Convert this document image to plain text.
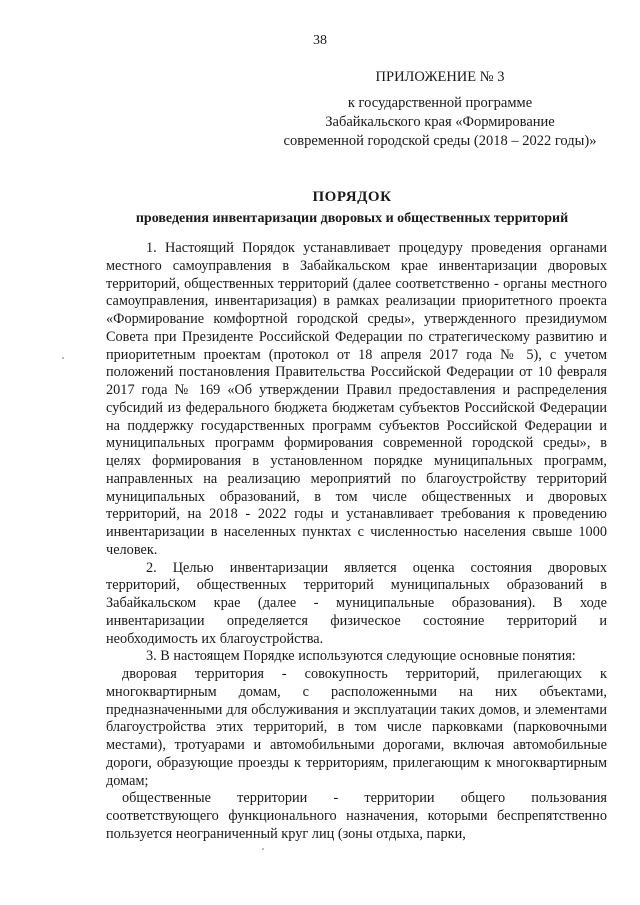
38
ПРИЛОЖЕНИЕ № 3
к государственной программе
Забайкальского края «Формирование
современной городской среды (2018 – 2022 годы)»
ПОРЯДОК
проведения инвентаризации дворовых и общественных территорий

1. Настоящий Порядок устанавливает процедуру проведения органами местного самоуправления в Забайкальском крае инвентаризации дворовых территорий, общественных территорий (далее соответственно - органы местного самоуправления, инвентаризация) в рамках реализации приоритетного проекта «Формирование комфортной городской среды», утвержденного президиумом Совета при Президенте Российской Федерации по стратегическому развитию и приоритетным проектам (протокол от 18 апреля 2017 года № 5), с учетом положений постановления Правительства Российской Федерации от 10 февраля 2017 года № 169 «Об утверждении Правил предоставления и распределения субсидий из федерального бюджета бюджетам субъектов Российской Федерации на поддержку государственных программ субъектов Российской Федерации и муниципальных программ формирования современной городской среды», в целях формирования в установленном порядке муниципальных программ, направленных на реализацию мероприятий по благоустройству территорий муниципальных образований, в том числе общественных и дворовых территорий, на 2018 - 2022 годы и устанавливает требования к проведению инвентаризации в населенных пунктах с численностью населения свыше 1000 человек.

2. Целью инвентаризации является оценка состояния дворовых территорий, общественных территорий муниципальных образований в Забайкальском крае (далее - муниципальные образования). В ходе инвентаризации определяется физическое состояние территорий и необходимость их благоустройства.

3. В настоящем Порядке используются следующие основные понятия:

дворовая территория - совокупность территорий, прилегающих к многоквартирным домам, с расположенными на них объектами, предназначенными для обслуживания и эксплуатации таких домов, и элементами благоустройства этих территорий, в том числе парковками (парковочными местами), тротуарами и автомобильными дорогами, включая автомобильные дороги, образующие проезды к территориям, прилегающим к многоквартирным домам;

общественные территории - территории общего пользования соответствующего функционального назначения, которыми беспрепятственно пользуется неограниченный круг лиц (зоны отдыха, парки,
